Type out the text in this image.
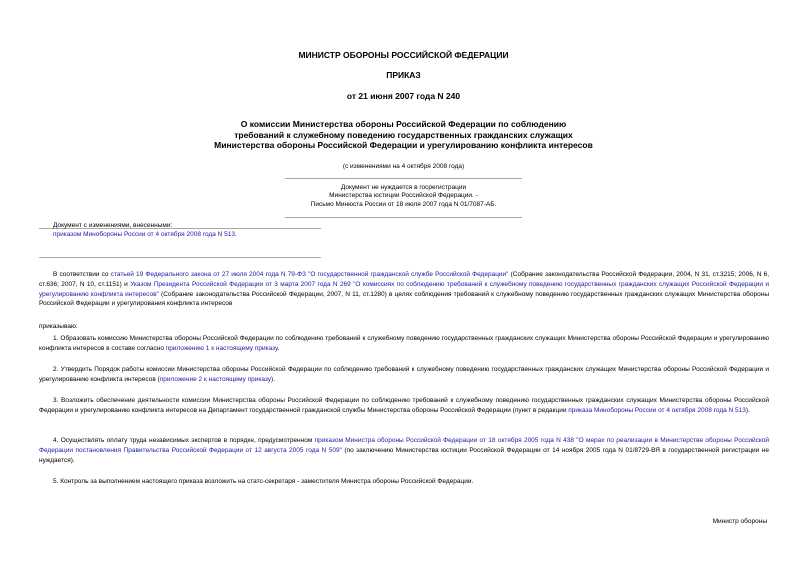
МИНИСТР ОБОРОНЫ РОССИЙСКОЙ ФЕДЕРАЦИИ
ПРИКАЗ
от 21 июня 2007 года N 240
О комиссии Министерства обороны Российской Федерации по соблюдению
требований к служебному поведению государственных гражданских служащих
Министерства обороны Российской Федерации и урегулированию конфликта интересов
(с изменениями на 4 октября 2008 года)
Документ не нуждается в госрегистрации
Министерства юстиции Российской Федерации. -
Письмо Минюста России от 18 июля 2007 года N 01/7087-АБ.
Документ с изменениями, внесенными:
приказом Минобороны России от 4 октября 2008 года N 513.
В соответствии со статьей 19 Федерального закона от 27 июля 2004 года N 79-ФЗ "О государственной гражданской службе Российской Федерации" (Собрание законодательства Российской Федерации, 2004, N 31, ст.3215; 2006, N 6, ст.636; 2007, N 10, ст.1151) и Указом Президента Российской Федерации от 3 марта 2007 года N 269 "О комиссиях по соблюдению требований к служебному поведению государственных гражданских служащих Российской Федерации и урегулированию конфликта интересов" (Собрание законодательства Российской Федерации, 2007, N 11, ст.1280) в целях соблюдения требований к служебному поведению государственных гражданских служащих Министерства обороны Российской Федерации и урегулирования конфликта интересов
приказываю:
1. Образовать комиссию Министерства обороны Российской Федерации по соблюдению требований к служебному поведению государственных гражданских служащих Министерства обороны Российской Федерации и урегулированию конфликта интересов в составе согласно приложению 1 к настоящему приказу.
2. Утвердить Порядок работы комиссии Министерства обороны Российской Федерации по соблюдению требований к служебному поведению государственных гражданских служащих Министерства обороны Российской Федерации и урегулированию конфликта интересов (приложение 2 к настоящему приказу).
3. Возложить обеспечение деятельности комиссии Министерства обороны Российской Федерации по соблюдению требований к служебному поведению государственных гражданских служащих Министерства обороны Российской Федерации и урегулированию конфликта интересов на Департамент государственной гражданской службы Министерства обороны Российской Федерации (пункт в редакции приказа Минобороны России от 4 октября 2008 года N 513).
4. Осуществлять оплату труда независимых экспертов в порядке, предусмотренном приказом Министра обороны Российской Федерации от 18 октября 2005 года N 438 "О мерах по реализации в Министерстве обороны Российской Федерации постановления Правительства Российской Федерации от 12 августа 2005 года N 509" (по заключению Министерства юстиции Российской Федерации от 14 ноября 2005 года N 01/8729-ВЯ в государственной регистрации не нуждается).
5. Контроль за выполнением настоящего приказа возложить на статс-секретаря - заместителя Министра обороны Российской Федерации.
Министр обороны
